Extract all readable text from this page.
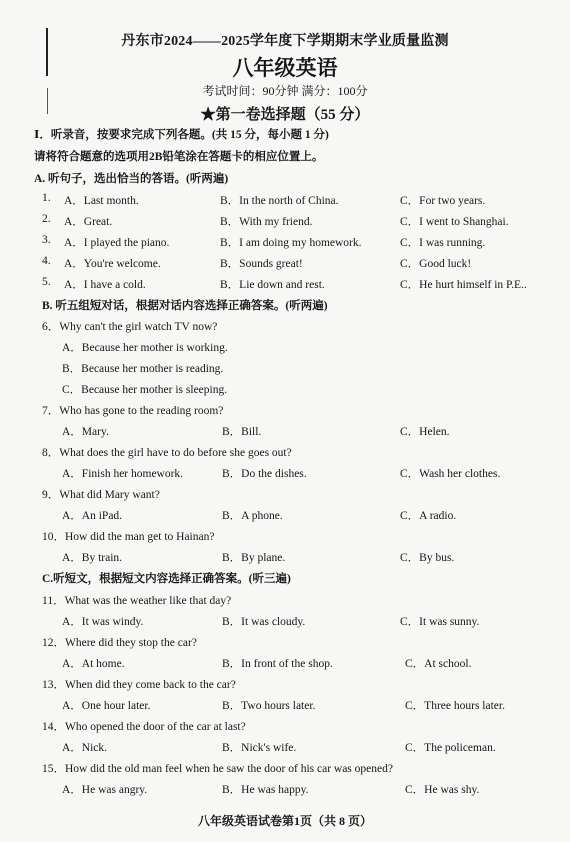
丹东市2024——2025学年度下学期期末学业质量监测
八年级英语
考试时间：90分钟 满分：100分
★第一卷选择题（55 分）
Ⅰ．听录音，按要求完成下列各题。(共 15 分，每小题 1 分)
请将符合题意的选项用2B铅笔涂在答题卡的相应位置上。
A. 听句子，选出恰当的答语。(听两遍)
1. A．Last month.	B．In the north of China.	C．For two years.
2. A．Great.	B．With my friend.	C．I went to Shanghai.
3. A．I played the piano.	B．I am doing my homework.	C．I was running.
4. A．You're welcome.	B．Sounds great!	C．Good luck!
5. A．I have a cold.	B．Lie down and rest.	C．He hurt himself in P.E..
B. 听五组短对话，根据对话内容选择正确答案。(听两遍)
6．Why can't the girl watch TV now?
A．Because her mother is working.
B．Because her mother is reading.
C．Because her mother is sleeping.
7．Who has gone to the reading room?
A．Mary.	B．Bill.	C．Helen.
8．What does the girl have to do before she goes out?
A．Finish her homework.	B．Do the dishes.	C．Wash her clothes.
9．What did Mary want?
A．An iPad.	B．A phone.	C．A radio.
10．How did the man get to Hainan?
A．By train.	B．By plane.	C．By bus.
C.听短文，根据短文内容选择正确答案。(听三遍)
11．What was the weather like that day?
A．It was windy.	B．It was cloudy.	C．It was sunny.
12．Where did they stop the car?
A．At home.	B．In front of the shop.	C．At school.
13．When did they come back to the car?
A．One hour later.	B．Two hours later.	C．Three hours later.
14．Who opened the door of the car at last?
A．Nick.	B．Nick's wife.	C．The policeman.
15．How did the old man feel when he saw the door of his car was opened?
A．He was angry.	B．He was happy.	C．He was shy.
八年级英语试卷第1页（共 8 页）
